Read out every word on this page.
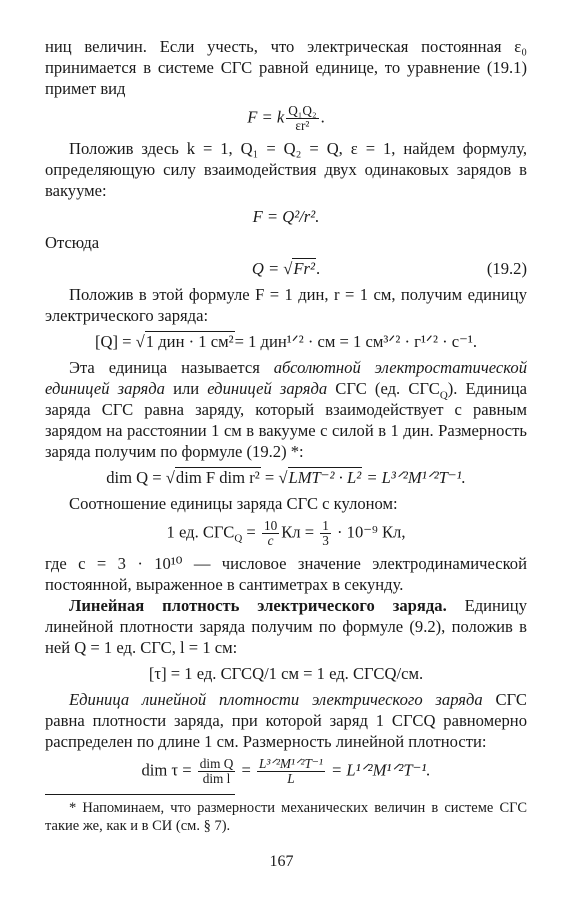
ниц величин. Если учесть, что электрическая постоянная ε₀ принимается в системе СГС равной единице, то уравнение (19.1) примет вид

F = k $\frac{\text{Q₁Q₂}}{\text{εr²}}$ .

Положив здесь k = 1, Q₁ = Q₂ = Q, ε = 1, найдем формулу, определяющую силу взаимодействия двух одинаковых зарядов в вакууме:

F = Q²/r².

Отсюда

Q = √Fr².	(19.2)

Положив в этой формуле F = 1 дин, r = 1 см, получим единицу электрического заряда:

[Q] = √1 дин · 1 см²= 1 дин¹ᐟ² · см = 1 см³ᐟ² · г¹ᐟ² · с⁻¹.

Эта единица называется абсолютной электростатической единицей заряда или единицей заряда СГС (ед. $СГС_Q$). Единица заряда СГС равна заряду, который взаимодействует с равным зарядом на расстоянии 1 см в вакууме с силой в 1 дин. Размерность заряда получим по формуле (19.2) *:

dim Q = √dim F dim r² = √LMT⁻² · L² = L³ᐟ²M¹ᐟ²T⁻¹.

Соотношение единицы заряда СГС с кулоном:

1 ед. $СГС_Q = \frac{10}{c}$ Кл = $\frac{1}{3} \cdot 10^{-9}$ Кл,

где c = 3 · 10¹⁰ — числовое значение электродинамической постоянной, выраженное в сантиметрах в секунду.

Линейная плотность электрического заряда. Единицу линейной плотности заряда получим по формуле (9.2), положив в ней Q = 1 ед. СГС, l = 1 см:

[τ] = 1 ед. СГСQ/1 см = 1 ед. СГСQ/см.

Единица линейной плотности электрического заряда СГС равна плотности заряда, при которой заряд 1 СГСQ равномерно распределен по длине 1 см. Размерность линейной плотности:

dim $\tau = \frac{\text{dim Q}}{\text{dim l}} = \frac{\text{L³ᐟ²M¹ᐟ²T⁻¹}}{L}$ = L¹ᐟ²M¹ᐟ²T⁻¹.

* Напоминаем, что размерности механических величин в системе СГС такие же, как и в СИ (см. § 7).

167
